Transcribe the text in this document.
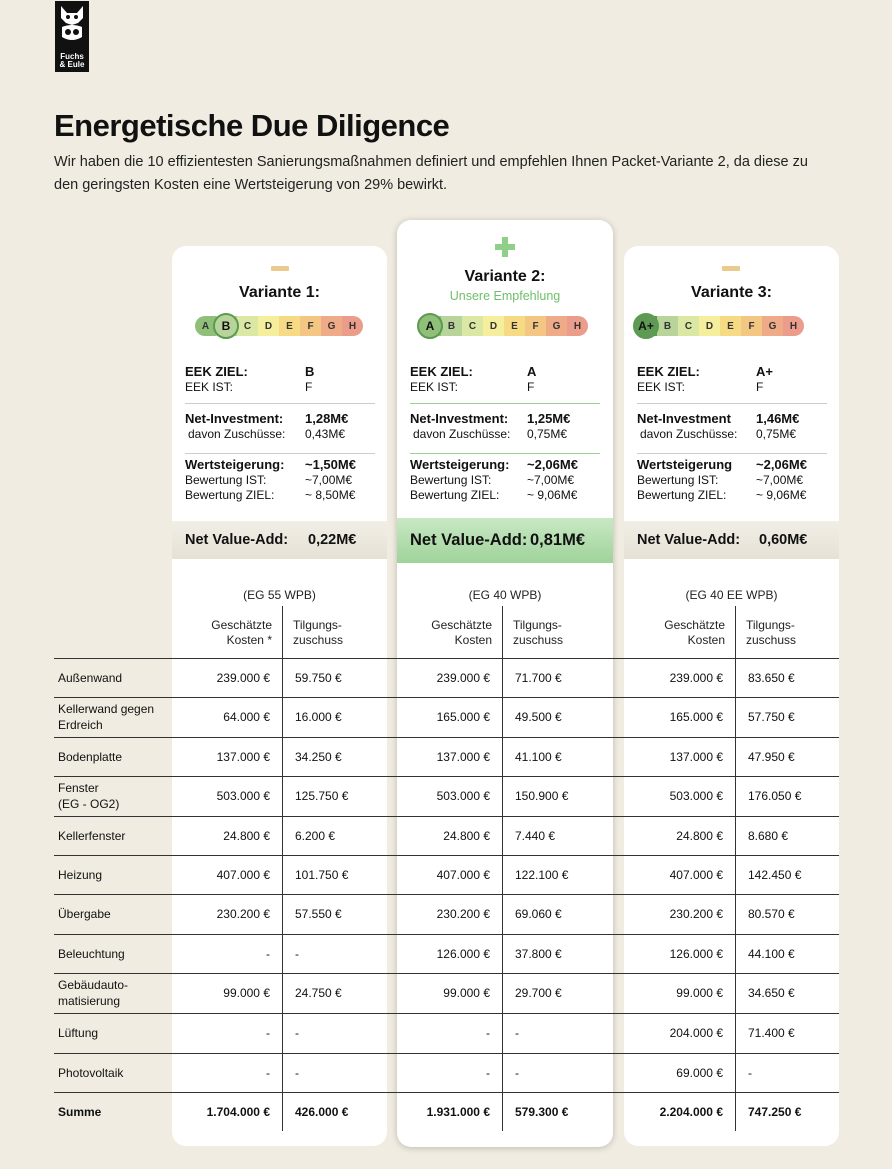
Fuchs
& Eule
Energetische Due Diligence

Wir haben die 10 effizientesten Sanierungsmaßnahmen definiert und empfehlen Ihnen Packet-Variante 2, da diese zu den geringsten Kosten eine Wertsteigerung von 29% bewirkt.

Variante 1:
Variante 2:
Unsere Empfehlung	Variante 3:
A	B	C	D	E	F	G	H	A	B	C	D	E	F	G	H	A+	B	C	D	E	F	G	H
EEK ZIEL:	B
EEK IST:	F
Net-Investment: 1,28M€
davon Zuschüsse: 0,43M€
Wertsteigerung: ~1,50M€
Bewertung IST:	~7,00M€
Bewertung ZIEL:	~ 8,50M€
EEK ZIEL:	A
EEK IST:	F
Net-Investment: 1,25M€
davon Zuschüsse: 0,75M€
Wertsteigerung: ~2,06M€
Bewertung IST:	~7,00M€
Bewertung ZIEL: ~ 9,06M€
EEK ZIEL:	A+
EEK IST:	F
Net-Investment 1,46M€
davon Zuschüsse: 0,75M€
Wertsteigerung ~2,06M€
Bewertung IST:	~7,00M€
Bewertung ZIEL: ~ 9,06M€
Net Value-Add: 0,22M€	Net Value-Add: 0,81M€	Net Value-Add: 0,60M€
(EG 55 WPB)	(EG 40 WPB)	(EG 40 EE WPB)
Geschätzte
Kosten *
Tilgungs-
zuschuss
Geschätzte
Kosten
Tilgungs-
zuschuss
Geschätzte
Kosten
Tilgungs-
zuschuss
Außenwand	239.000 € 59.750 €	239.000 € 71.700 €	239.000 € 83.650 €
Kellerwand gegen
Erdreich
64.000 € 16.000 €	165.000 € 49.500 €	165.000 € 57.750 €
Bodenplatte	137.000 € 34.250 €	137.000 € 41.100 €	137.000 € 47.950 €
Fenster
(EG - OG2)
503.000 € 125.750 €	503.000 € 150.900 €	503.000 € 176.050 €
Kellerfenster	24.800 € 6.200 €	24.800 € 7.440 €	24.800 € 8.680 €
Heizung	407.000 € 101.750 €	407.000 € 122.100 €	407.000 € 142.450 €
Übergabe	230.200 € 57.550 €	230.200 € 69.060 €	230.200 € 80.570 €
Beleuchtung	- -	126.000 € 37.800 €	126.000 € 44.100 €
Gebäudauto-
matisierung
99.000 € 24.750 €	99.000 € 29.700 €	99.000 € 34.650 €
Lüftung	- -	- -	204.000 € 71.400 €
Photovoltaik	- -	- -	69.000 € -
Summe	1.704.000 € 426.000 €	1.931.000 € 579.300 €	2.204.000 € 747.250 €
